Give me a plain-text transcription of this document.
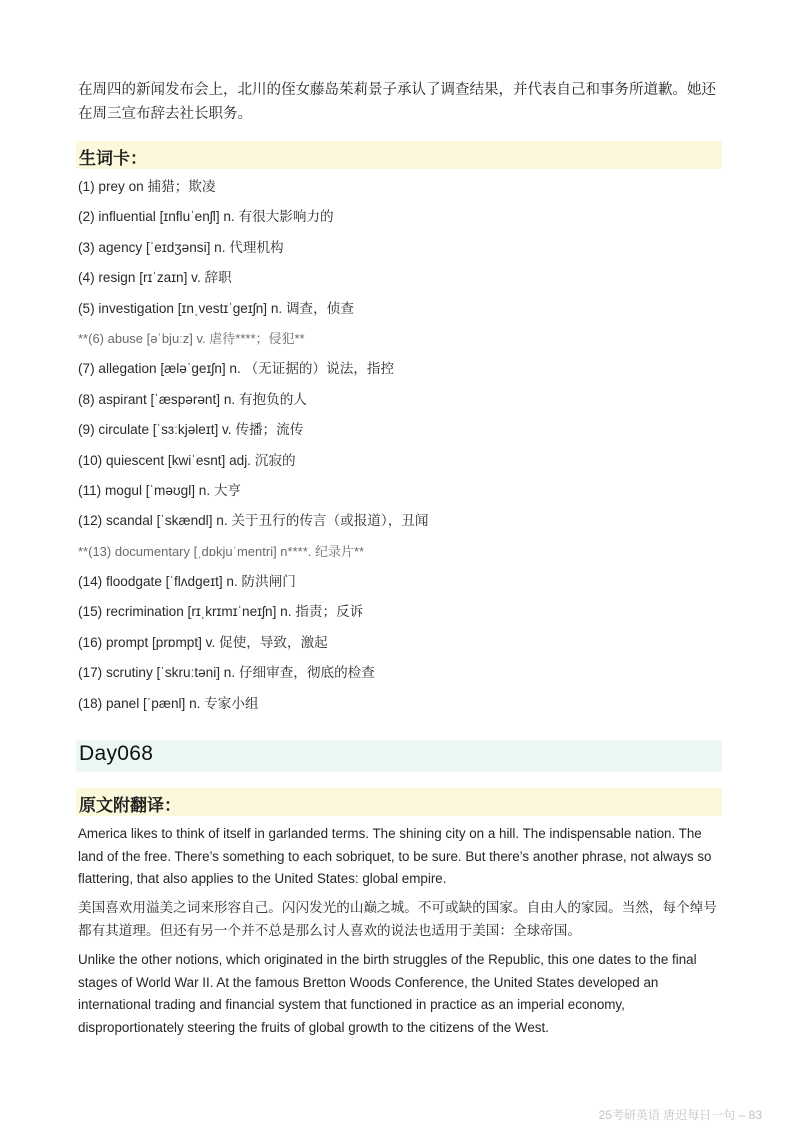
在周四的新闻发布会上，北川的侄女藤岛茱莉景子承认了调查结果，并代表自己和事务所道歉。她还在周三宣布辞去社长职务。
生词卡：
(1) prey on 捕猎；欺凌
(2) influential [ɪnfluˈenʃl] n. 有很大影响力的
(3) agency [ˈeɪdʒənsi] n. 代理机构
(4) resign [rɪˈzaɪn] v. 辞职
(5) investigation [ɪnˌvestɪˈgeɪʃn] n. 调查，侦查
**(6) abuse [əˈbjuːz] v. 虐待****；侵犯**
(7) allegation [æləˈgeɪʃn] n. （无证据的）说法，指控
(8) aspirant [ˈæspərənt] n. 有抱负的人
(9) circulate [ˈsɜːkjəleɪt] v. 传播；流传
(10) quiescent [kwiˈesnt] adj. 沉寂的
(11) mogul [ˈməʊgl] n. 大亨
(12) scandal [ˈskændl] n. 关于丑行的传言（或报道），丑闻
**(13) documentary [ˌdɒkjuˈmentri] n****. 纪录片**
(14) floodgate [ˈflʌdgeɪt] n. 防洪闸门
(15) recrimination [rɪˌkrɪmɪˈneɪʃn] n. 指责；反诉
(16) prompt [prɒmpt] v. 促使，导致，激起
(17) scrutiny [ˈskruːtəni] n. 仔细审查，彻底的检查
(18) panel [ˈpænl] n. 专家小组
Day068
原文附翻译：
America likes to think of itself in garlanded terms. The shining city on a hill. The indispensable nation. The land of the free. There’s something to each sobriquet, to be sure. But there’s another phrase, not always so flattering, that also applies to the United States: global empire.
美国喜欢用溢美之词来形容自己。闪闪发光的山巅之城。不可或缺的国家。自由人的家园。当然，每个绰号都有其道理。但还有另一个并不总是那么讨人喜欢的说法也适用于美国：全球帝国。
Unlike the other notions, which originated in the birth struggles of the Republic, this one dates to the final stages of World War II. At the famous Bretton Woods Conference, the United States developed an international trading and financial system that functioned in practice as an imperial economy, disproportionately steering the fruits of global growth to the citizens of the West.
25考研英语 唐迟每日一句 – 83
